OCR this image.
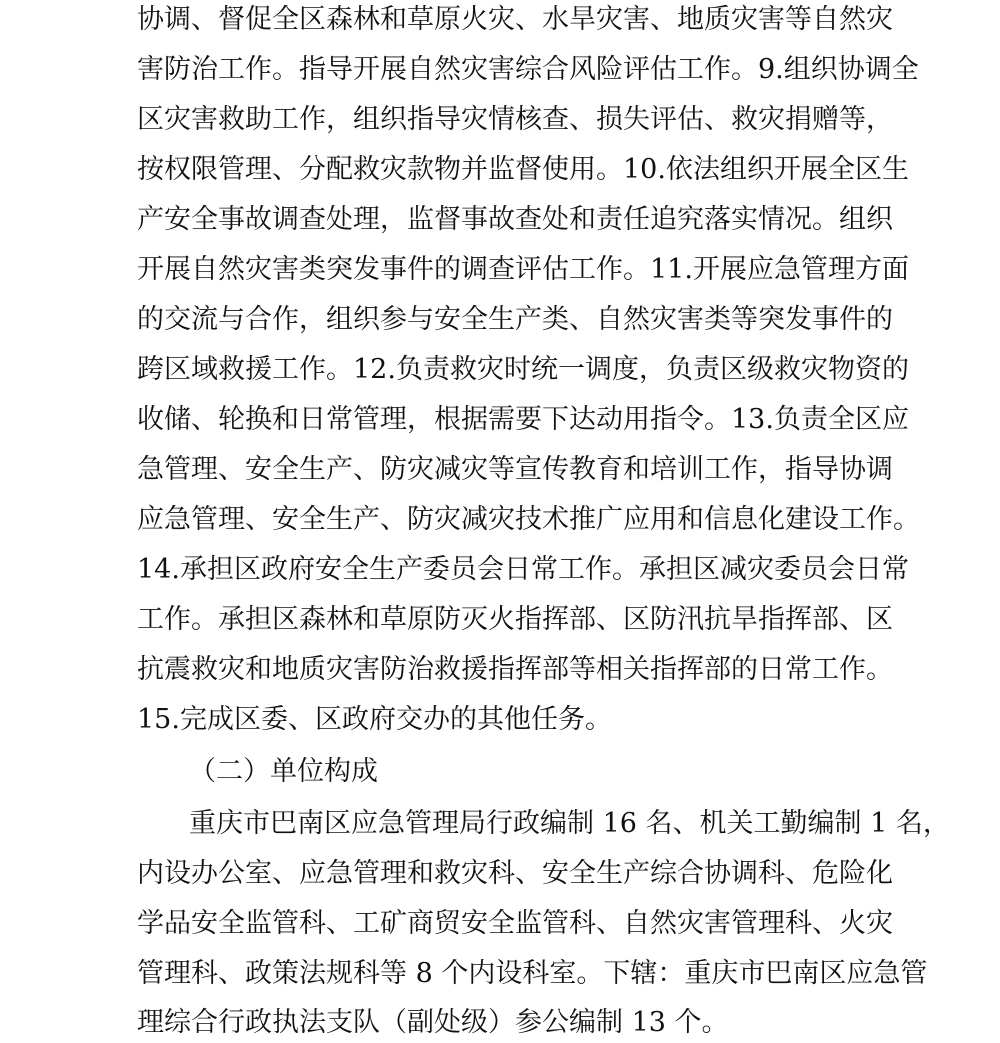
协调、督促全区森林和草原火灾、水旱灾害、地质灾害等自然灾
害防治工作。指导开展自然灾害综合风险评估工作。9.组织协调全
区灾害救助工作，组织指导灾情核查、损失评估、救灾捐赠等，
按权限管理、分配救灾款物并监督使用。10.依法组织开展全区生
产安全事故调查处理，监督事故查处和责任追究落实情况。组织
开展自然灾害类突发事件的调查评估工作。11.开展应急管理方面
的交流与合作，组织参与安全生产类、自然灾害类等突发事件的
跨区域救援工作。12.负责救灾时统一调度，负责区级救灾物资的
收储、轮换和日常管理，根据需要下达动用指令。13.负责全区应
急管理、安全生产、防灾减灾等宣传教育和培训工作，指导协调
应急管理、安全生产、防灾减灾技术推广应用和信息化建设工作。
14.承担区政府安全生产委员会日常工作。承担区减灾委员会日常
工作。承担区森林和草原防灭火指挥部、区防汛抗旱指挥部、区
抗震救灾和地质灾害防治救援指挥部等相关指挥部的日常工作。
15.完成区委、区政府交办的其他任务。
（二）单位构成
重庆市巴南区应急管理局行政编制 16 名、机关工勤编制 1 名，
内设办公室、应急管理和救灾科、安全生产综合协调科、危险化
学品安全监管科、工矿商贸安全监管科、自然灾害管理科、火灾
管理科、政策法规科等 8 个内设科室。下辖：重庆市巴南区应急管
理综合行政执法支队（副处级）参公编制 13 个。
